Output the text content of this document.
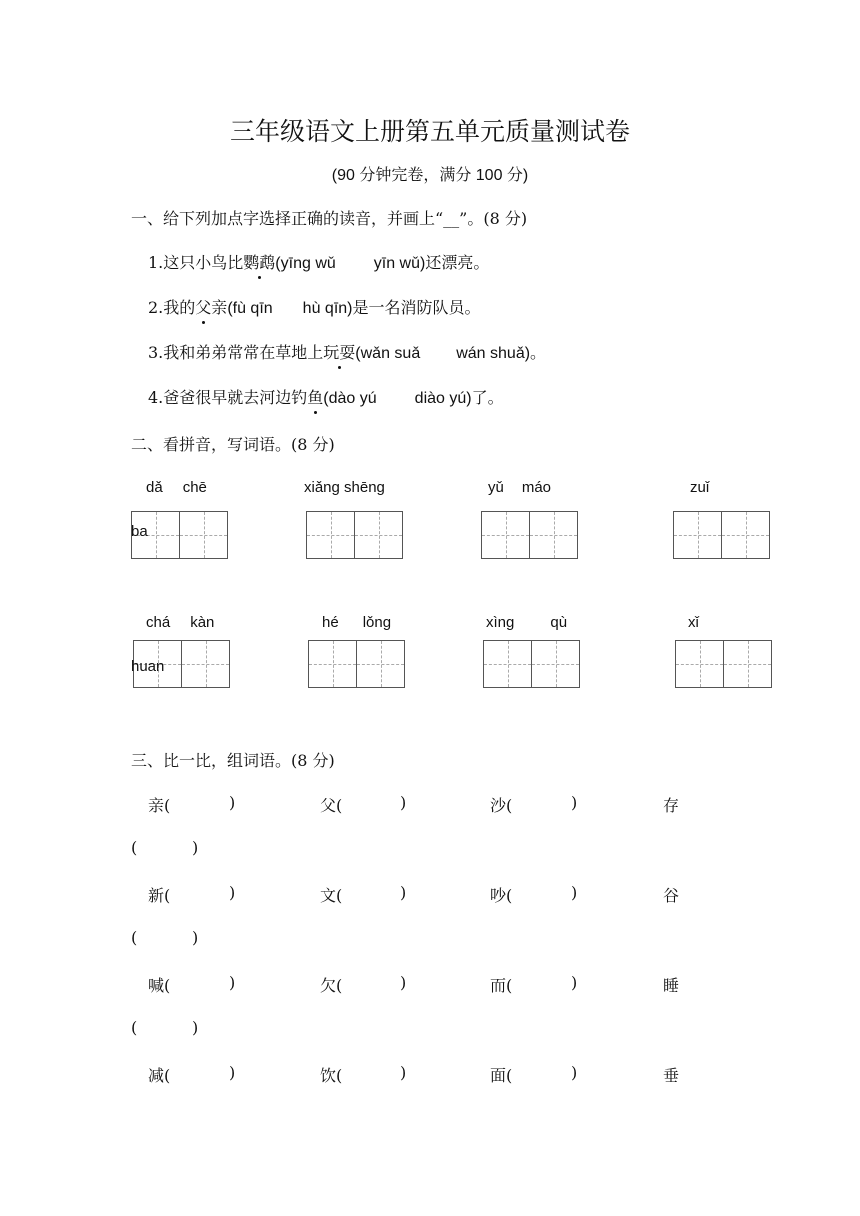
三年级语文上册第五单元质量测试卷
(90 分钟完卷，满分 100 分)
一、给下列加点字选择正确的读音，并画上“__”。(8 分)
1.这只小鸟比鹦鹉(yīng wǔ yīn wǔ)还漂亮。
2.我的父亲(fù qīn hù qīn)是一名消防队员。
3.我和弟弟常常在草地上玩耍(wǎn suǎ wán shuǎ)。
4.爸爸很早就去河边钓鱼(dào yú diào yú)了。
二、看拼音，写词语。(8 分)
dǎ chē	xiǎng shēng	yǔ máo	zuǐ
ba
chá kàn	hé lǒng	xìng qù	xǐ
huan
三、比一比，组词语。(8 分)
亲(	)	父(	)	沙(	)	存
(	)
新(	)	文(	)	吵(	)	谷
(	)
喊(	)	欠(	)	而(	)	睡
(	)
减(	)	饮(	)	面(	)	垂
